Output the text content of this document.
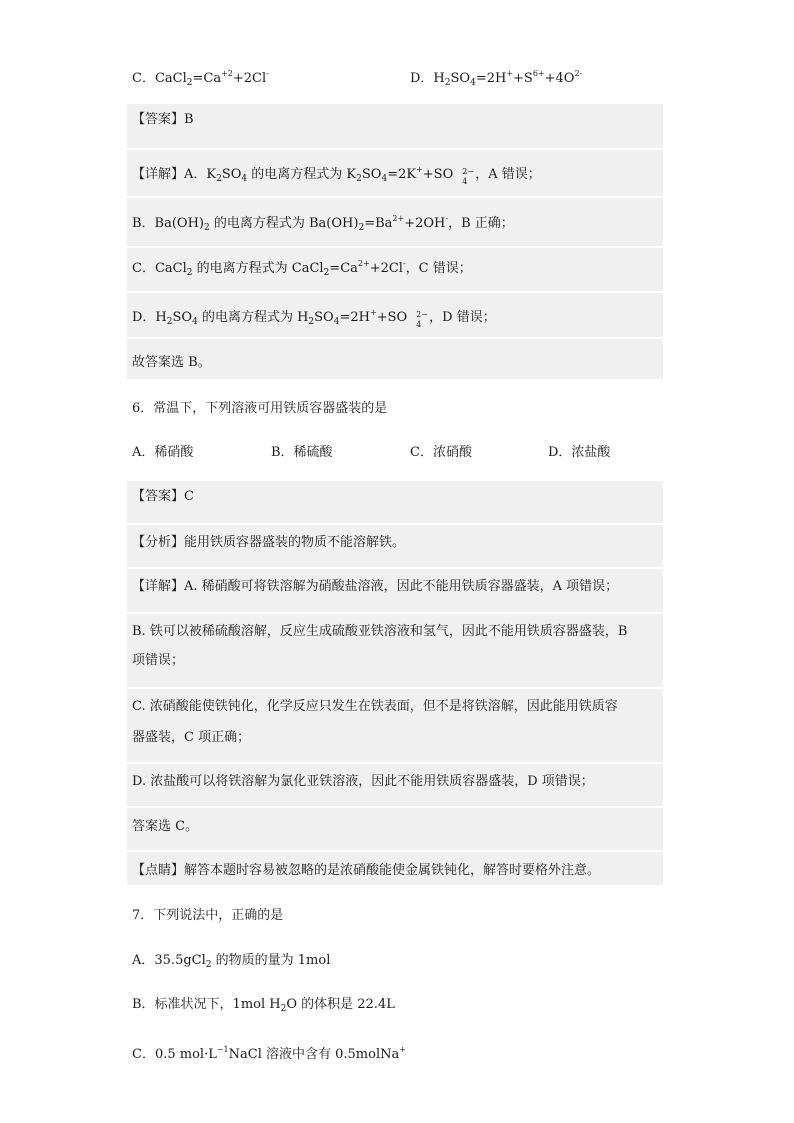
C．$CaCl_2=Ca^{+2}+2Cl^-$	D．$H_2SO_4=2H^++S^{6+}+4O^{2-}$
【答案】B
【详解】A．$K_2SO_4$ 的电离方程式为 $K_2SO_4=2K^++SO$ 2−
4 ，A 错误；
B．$Ba(OH)_2$ 的电离方程式为 $Ba(OH)_2=Ba^{2+}+2OH^-$，B 正确；
C．CaCl$_2$ 的电离方程式为 $CaCl_2=Ca^{2+}+2Cl^-$，C 错误；
D．$H_2SO_4$ 的电离方程式为 $H_2SO_4=2H^++SO$ 2−
4 ，D 错误；
故答案选 B。
6．常温下，下列溶液可用铁质容器盛装的是
A．稀硝酸	B．稀硫酸	C．浓硝酸	D．浓盐酸
【答案】C
【分析】能用铁质容器盛装的物质不能溶解铁。
【详解】A. 稀硝酸可将铁溶解为硝酸盐溶液，因此不能用铁质容器盛装，A 项错误；
B. 铁可以被稀硫酸溶解，反应生成硫酸亚铁溶液和氢气，因此不能用铁质容器盛装，B
项错误；
C. 浓硝酸能使铁钝化，化学反应只发生在铁表面，但不是将铁溶解，因此能用铁质容
器盛装，C 项正确；
D. 浓盐酸可以将铁溶解为氯化亚铁溶液，因此不能用铁质容器盛装，D 项错误；
答案选 C。
【点睛】解答本题时容易被忽略的是浓硝酸能使金属铁钝化，解答时要格外注意。
7．下列说法中，正确的是
A．35.5gCl$_2$ 的物质的量为 1mol
B．标准状况下，1mol $H_2O$ 的体积是 22.4L
C．0.5 $mol\cdot L^{-1}NaCl$ 溶液中含有 0.5molNa+
